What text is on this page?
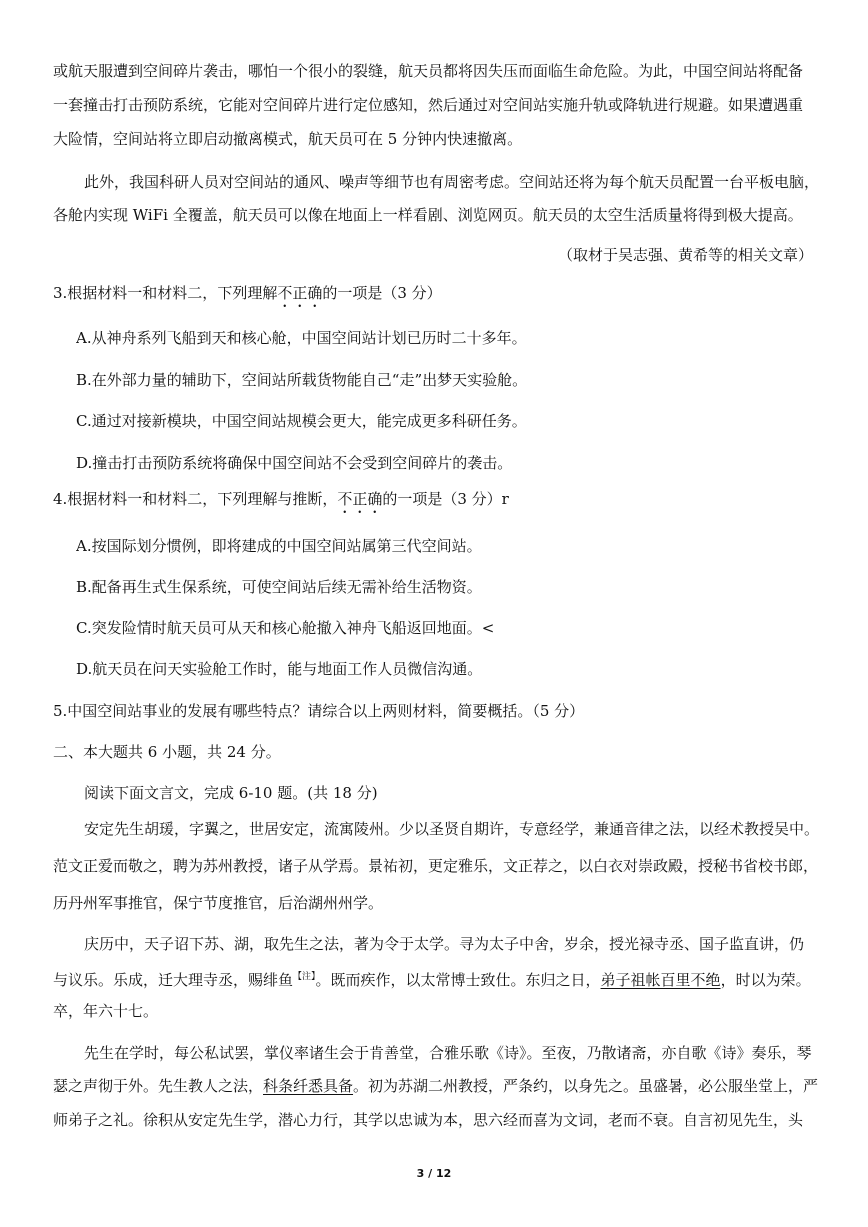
或航天服遭到空间碎片袭击，哪怕一个很小的裂缝，航天员都将因失压而面临生命危险。为此，中国空间站将配备
一套撞击打击预防系统，它能对空间碎片进行定位感知，然后通过对空间站实施升轨或降轨进行规避。如果遭遇重
大险情，空间站将立即启动撤离模式，航天员可在 5 分钟内快速撤离。
此外，我国科研人员对空间站的通风、噪声等细节也有周密考虑。空间站还将为每个航天员配置一台平板电脑，
各舱内实现 WiFi 全覆盖，航天员可以像在地面上一样看剧、浏览网页。航天员的太空生活质量将得到极大提高。
（取材于吴志强、黄希等的相关文章）
3.根据材料一和材料二，下列理解不正确的一项是（3 分）
A.从神舟系列飞船到天和核心舱，中国空间站计划已历时二十多年。
B.在外部力量的辅助下，空间站所载货物能自己“走”出梦天实验舱。
C.通过对接新模块，中国空间站规模会更大，能完成更多科研任务。
D.撞击打击预防系统将确保中国空间站不会受到空间碎片的袭击。
4.根据材料一和材料二，下列理解与推断，不正确的一项是（3 分）r
A.按国际划分惯例，即将建成的中国空间站属第三代空间站。
B.配备再生式生保系统，可使空间站后续无需补给生活物资。
C.突发险情时航天员可从天和核心舱撤入神舟飞船返回地面。<
D.航天员在问天实验舱工作时，能与地面工作人员微信沟通。
5.中国空间站事业的发展有哪些特点？请综合以上两则材料，简要概括。（5 分）
二、本大题共 6 小题，共 24 分。
阅读下面文言文，完成 6-10 题。(共 18 分)
安定先生胡瑗，字翼之，世居安定，流寓陵州。少以圣贤自期许，专意经学，兼通音律之法，以经术教授吴中。
范文正爱而敬之，聘为苏州教授，诸子从学焉。景祐初，更定雅乐，文正荐之，以白衣对崇政殿，授秘书省校书郎，
历丹州军事推官，保宁节度推官，后治湖州州学。
庆历中，天子诏下苏、湖，取先生之法，著为令于太学。寻为太子中舍，岁余，授光禄寺丞、国子监直讲，仍
与议乐。乐成，迁大理寺丞，赐绯鱼$^{【注】}$。既而疾作，以太常博士致仕。东归之日，弟子祖帐百里不绝，时以为荣。
卒，年六十七。
先生在学时，每公私试罢，掌仪率诸生会于肯善堂，合雅乐歌《诗》。至夜，乃散诸斋，亦自歌《诗》奏乐，琴
瑟之声彻于外。先生教人之法，科条纤悉具备。初为苏湖二州教授，严条约，以身先之。虽盛暑，必公服坐堂上，严
师弟子之礼。徐积从安定先生学，潜心力行，其学以忠诚为本，思六经而喜为文词，老而不衰。自言初见先生，头
3 / 12
